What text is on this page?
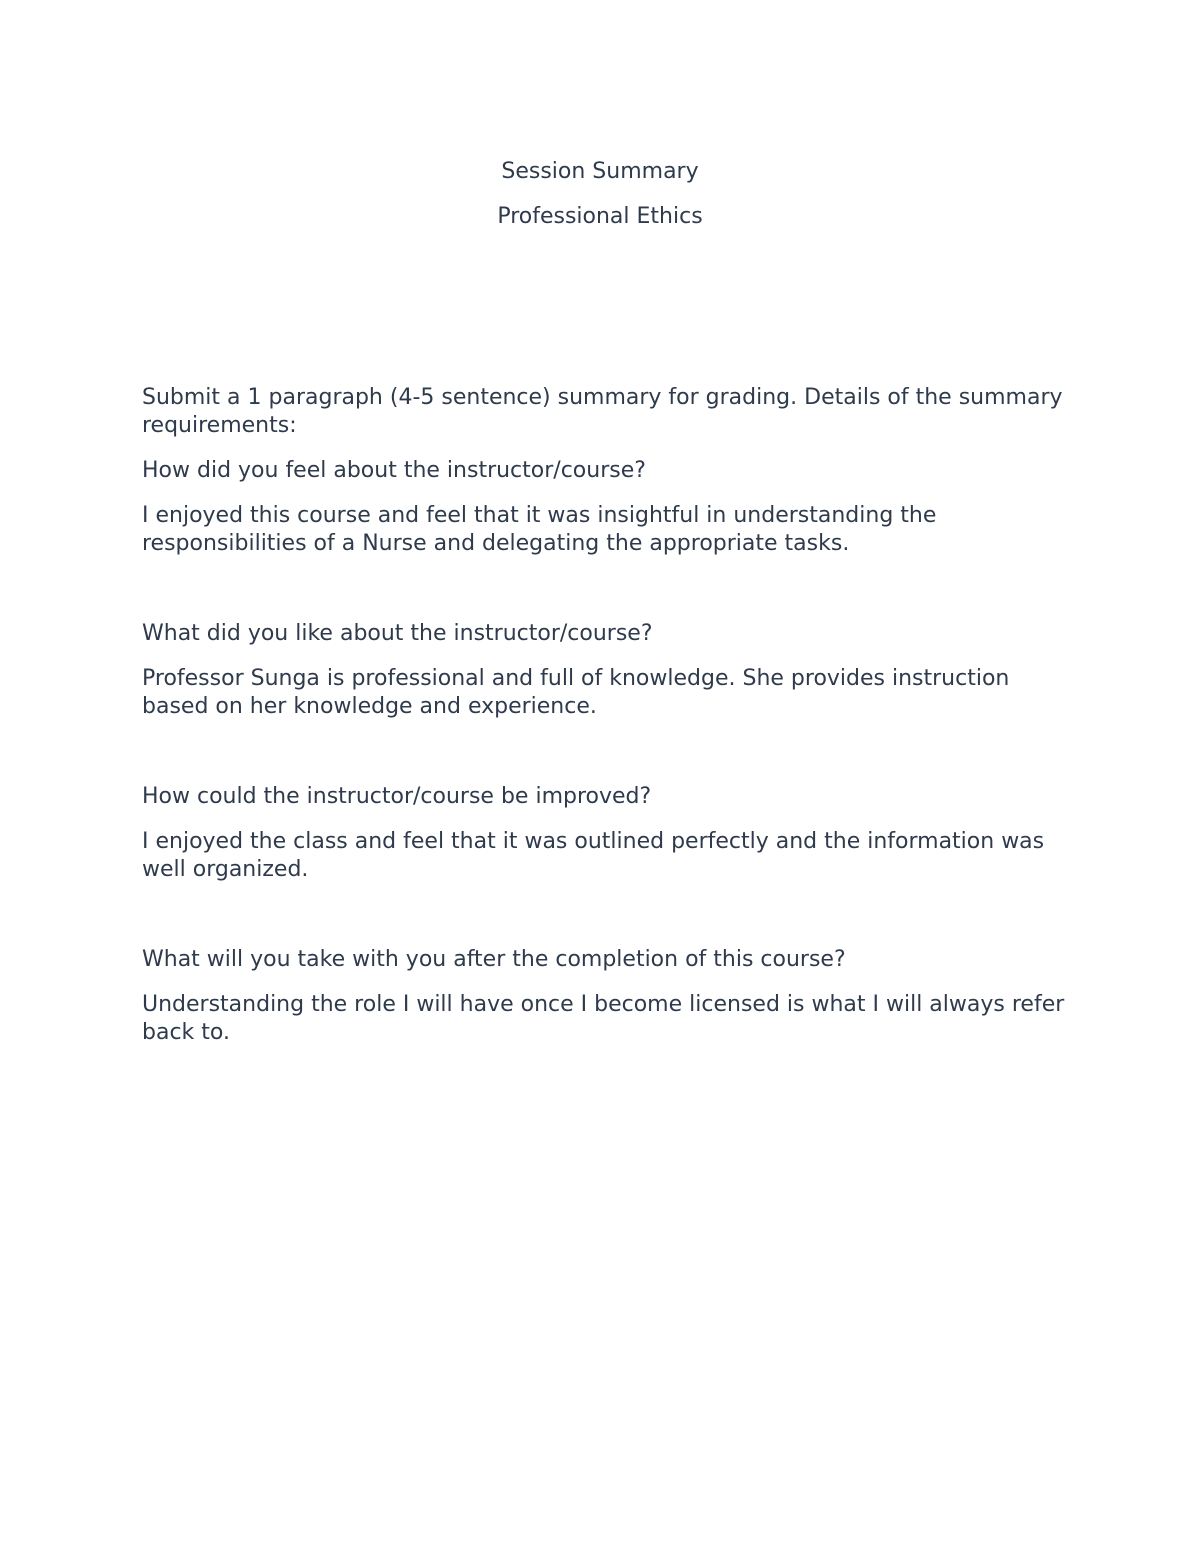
Session Summary

Professional Ethics

Submit a 1 paragraph (4-5 sentence) summary for grading. Details of the summary requirements:

How did you feel about the instructor/course?

I enjoyed this course and feel that it was insightful in understanding the responsibilities of a Nurse and delegating the appropriate tasks.

What did you like about the instructor/course?

Professor Sunga is professional and full of knowledge. She provides instruction based on her knowledge and experience.

How could the instructor/course be improved?

I enjoyed the class and feel that it was outlined perfectly and the information was well organized.

What will you take with you after the completion of this course?

Understanding the role I will have once I become licensed is what I will always refer back to.
